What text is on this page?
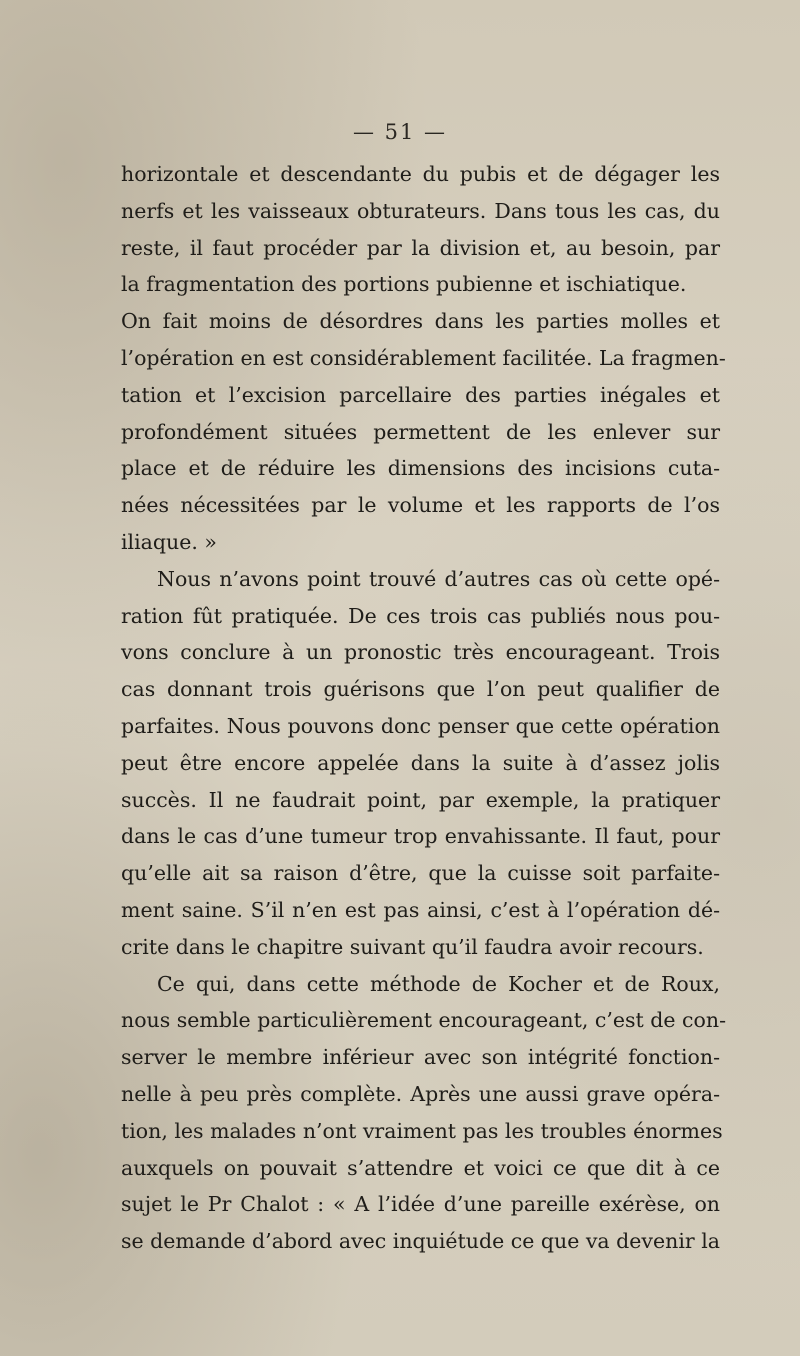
— 51 —
horizontale et descendante du pubis et de dégager les
nerfs et les vaisseaux obturateurs. Dans tous les cas, du
reste, il faut procéder par la division et, au besoin, par
la fragmentation des portions pubienne et ischiatique.
On fait moins de désordres dans les parties molles et
l’opération en est considérablement facilitée. La fragmen-
tation et l’excision parcellaire des parties inégales et
profondément situées permettent de les enlever sur
place et de réduire les dimensions des incisions cuta-
nées nécessitées par le volume et les rapports de l’os
iliaque. »
Nous n’avons point trouvé d’autres cas où cette opé-
ration fût pratiquée. De ces trois cas publiés nous pou-
vons conclure à un pronostic très encourageant. Trois
cas donnant trois guérisons que l’on peut qualifier de
parfaites. Nous pouvons donc penser que cette opération
peut être encore appelée dans la suite à d’assez jolis
succès. Il ne faudrait point, par exemple, la pratiquer
dans le cas d’une tumeur trop envahissante. Il faut, pour
qu’elle ait sa raison d’être, que la cuisse soit parfaite-
ment saine. S’il n’en est pas ainsi, c’est à l’opération dé-
crite dans le chapitre suivant qu’il faudra avoir recours.
Ce qui, dans cette méthode de Kocher et de Roux,
nous semble particulièrement encourageant, c’est de con-
server le membre inférieur avec son intégrité fonction-
nelle à peu près complète. Après une aussi grave opéra-
tion, les malades n’ont vraiment pas les troubles énormes
auxquels on pouvait s’attendre et voici ce que dit à ce
sujet le Pr Chalot : « A l’idée d’une pareille exérèse, on
se demande d’abord avec inquiétude ce que va devenir la
